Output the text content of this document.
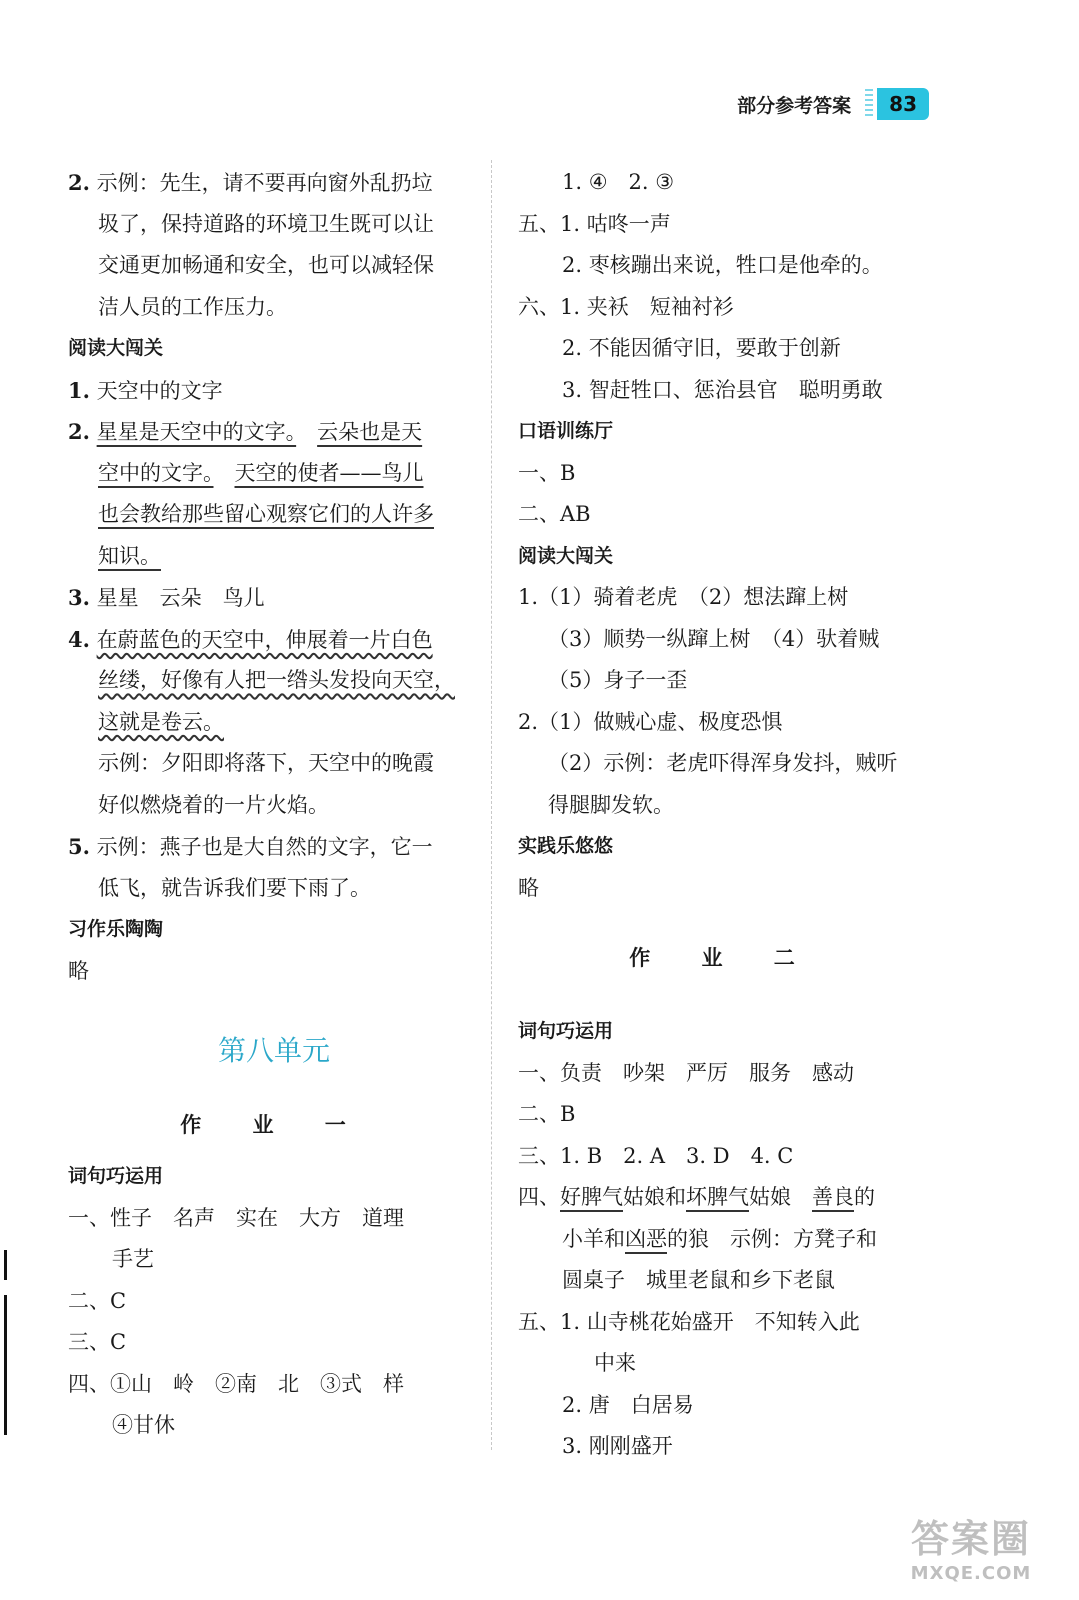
部分参考答案	83
2. 示例：先生，请不要再向窗外乱扔垃
圾了，保持道路的环境卫生既可以让
交通更加畅通和安全，也可以减轻保
洁人员的工作压力。
阅读大闯关
1. 天空中的文字
2. 星星是天空中的文字。　 云朵也是天
空中的文字。　 天空的使者——鸟儿
也会教给那些留心观察它们的人许多
知识。
3. 星星　云朵　鸟儿
4. 在蔚蓝色的天空中，伸展着一片白色
丝缕，好像有人把一绺头发投向天空，
这就是卷云。
示例：夕阳即将落下，天空中的晚霞
好似燃烧着的一片火焰。
5. 示例：燕子也是大自然的文字，它一
低飞，就告诉我们要下雨了。
习作乐陶陶
略
第八单元
作 业 一
词句巧运用
一、性子　名声　实在　大方　道理
手艺
二、C
三、C
四、①山　岭　②南　北　③式　样
④甘休
1. ④　2. ③
五、1. 咕咚一声
2. 枣核蹦出来说，牲口是他牵的。
六、1. 夹袄　短袖衬衫
2. 不能因循守旧，要敢于创新
3. 智赶牲口、惩治县官　聪明勇敢
口语训练厅
一、B
二、AB
阅读大闯关
1.（1）骑着老虎　（2）想法蹿上树
（3）顺势一纵蹿上树　（4）驮着贼
（5）身子一歪
2.（1）做贼心虚、极度恐惧
（2）示例：老虎吓得浑身发抖，贼听
得腿脚发软。
实践乐悠悠
略
作 业 二
词句巧运用
一、负责　吵架　严厉　服务　感动
二、B
三、1. B　2. A　3. D　4. C
四、好脾气姑娘和坏脾气姑娘　善良的
小羊和凶恶的狼　示例：方凳子和
圆桌子　城里老鼠和乡下老鼠
五、1. 山寺桃花始盛开　不知转入此
中来
2. 唐　白居易
3. 刚刚盛开
答案圈
MXQE.COM
